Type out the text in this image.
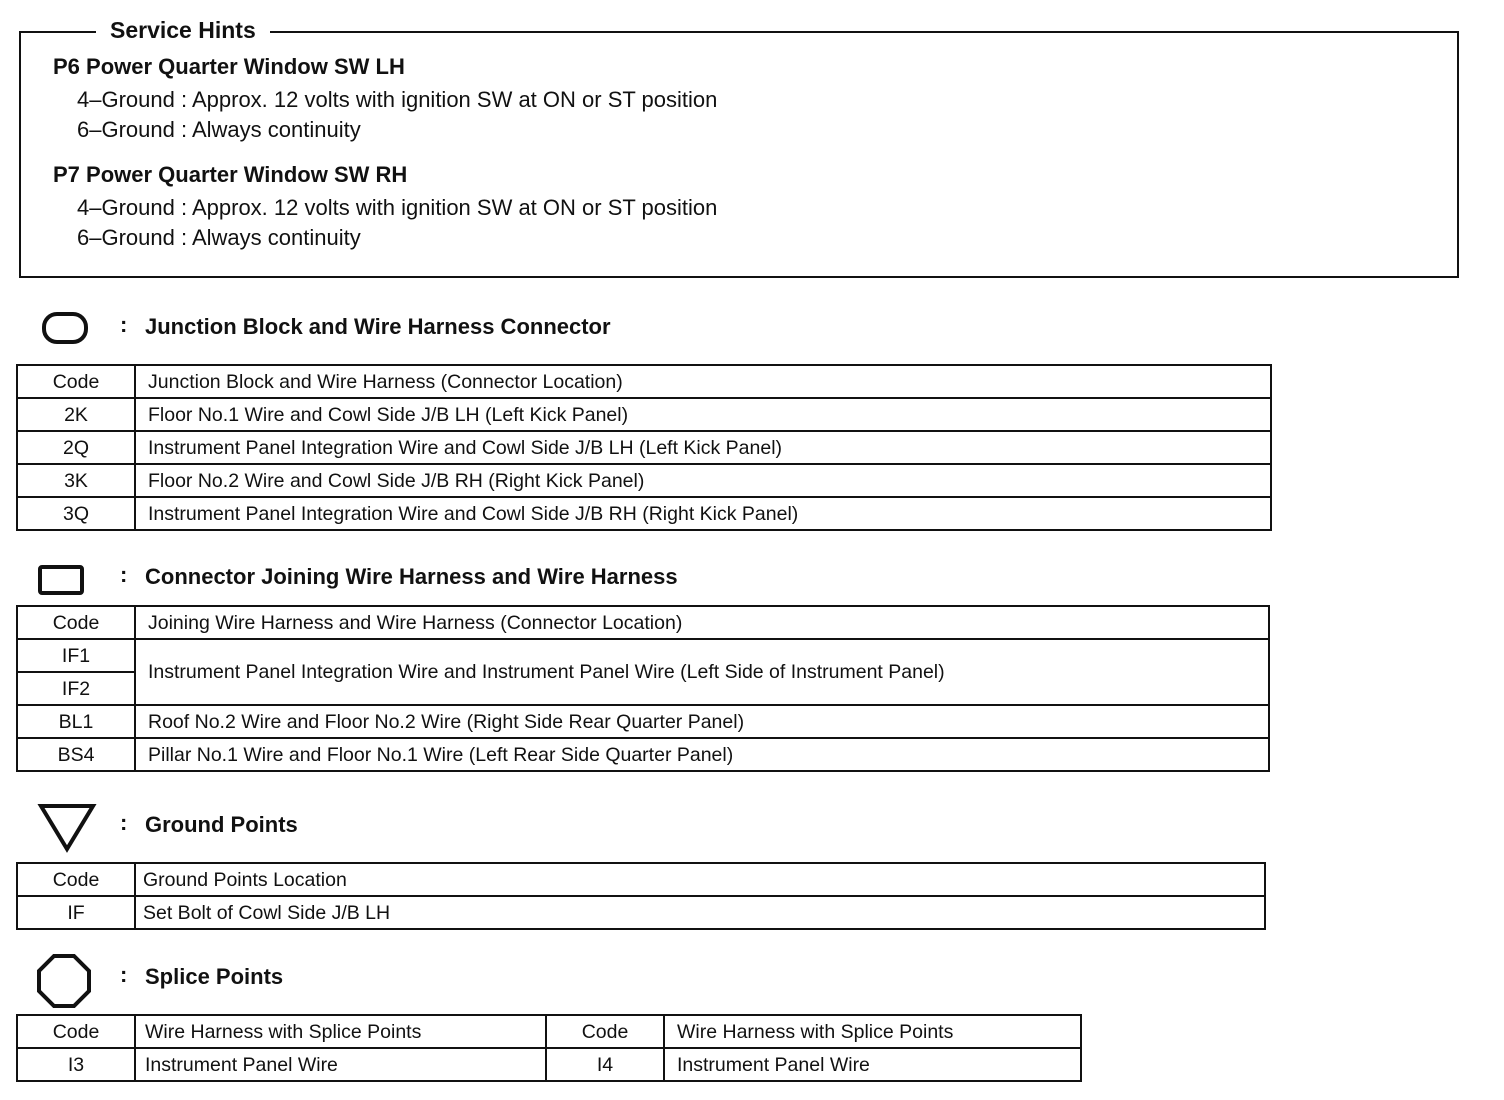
Service Hints
P6 Power Quarter Window SW LH
4–Ground : Approx. 12 volts with ignition SW at ON or ST position
6–Ground : Always continuity
P7 Power Quarter Window SW RH
4–Ground : Approx. 12 volts with ignition SW at ON or ST position
6–Ground : Always continuity
: Junction Block and Wire Harness Connector
Code	Junction Block and Wire Harness (Connector Location)
2K	Floor No.1 Wire and Cowl Side J/B LH (Left Kick Panel)
2Q	Instrument Panel Integration Wire and Cowl Side J/B LH (Left Kick Panel)
3K	Floor No.2 Wire and Cowl Side J/B RH (Right Kick Panel)
3Q	Instrument Panel Integration Wire and Cowl Side J/B RH (Right Kick Panel)
: Connector Joining Wire Harness and Wire Harness
Code	Joining Wire Harness and Wire Harness (Connector Location)
IF1	Instrument Panel Integration Wire and Instrument Panel Wire (Left Side of Instrument Panel)
IF2	
BL1	Roof No.2 Wire and Floor No.2 Wire (Right Side Rear Quarter Panel)
BS4	Pillar No.1 Wire and Floor No.1 Wire (Left Rear Side Quarter Panel)
: Ground Points
Code	Ground Points Location
IF	Set Bolt of Cowl Side J/B LH
: Splice Points
Code	Wire Harness with Splice Points	Code	Wire Harness with Splice Points
I3	Instrument Panel Wire	I4	Instrument Panel Wire
